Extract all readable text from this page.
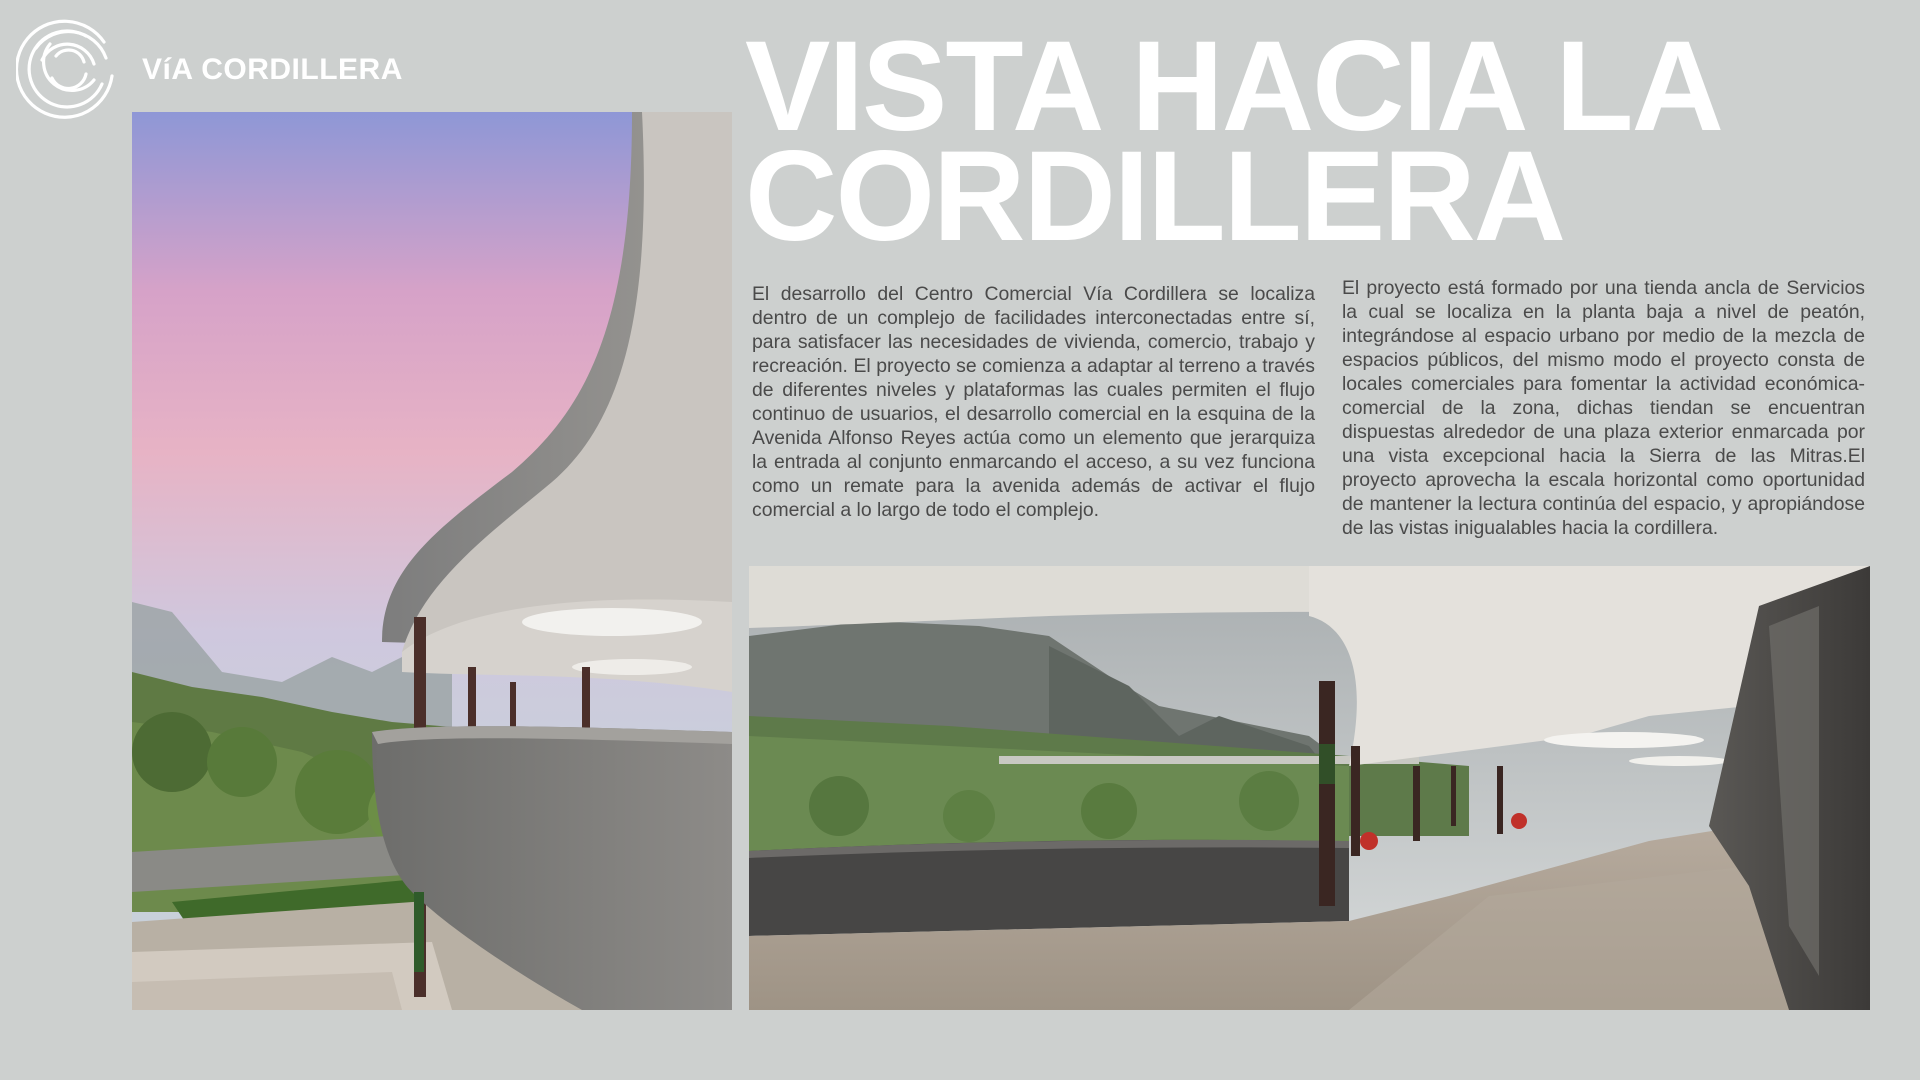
VíA CORDILLERA	VISTA HACIA LA
CORDILLERA

El desarrollo del Centro Comercial Vía Cordillera se localiza dentro de un complejo de facilidades interconectadas entre sí, para satisfacer las necesidades de vivienda, comercio, trabajo y recreación. El proyecto se comienza a adaptar al terreno a través de diferentes niveles y plataformas las cuales permiten el flujo continuo de usuarios, el desarrollo comercial en la esquina de la Avenida Alfonso Reyes actúa como un elemento que jerarquiza la entrada al conjunto enmarcando el acceso, a su vez funciona como un remate para la avenida además de activar el flujo comercial a lo largo de todo el complejo.

El proyecto está formado por una tienda ancla de Servicios la cual se localiza en la planta baja a nivel de peatón, integrándose al espacio urbano por medio de la mezcla de espacios públicos, del mismo modo el proyecto consta de locales comerciales para fomentar la actividad económica-comercial de la zona, dichas tiendan se encuentran dispuestas alrededor de una plaza exterior enmarcada por una vista excepcional hacia la Sierra de las Mitras.El proyecto aprovecha la escala horizontal como oportunidad de mantener la lectura continúa del espacio, y apropiándose de las vistas inigualables hacia la cordillera.
